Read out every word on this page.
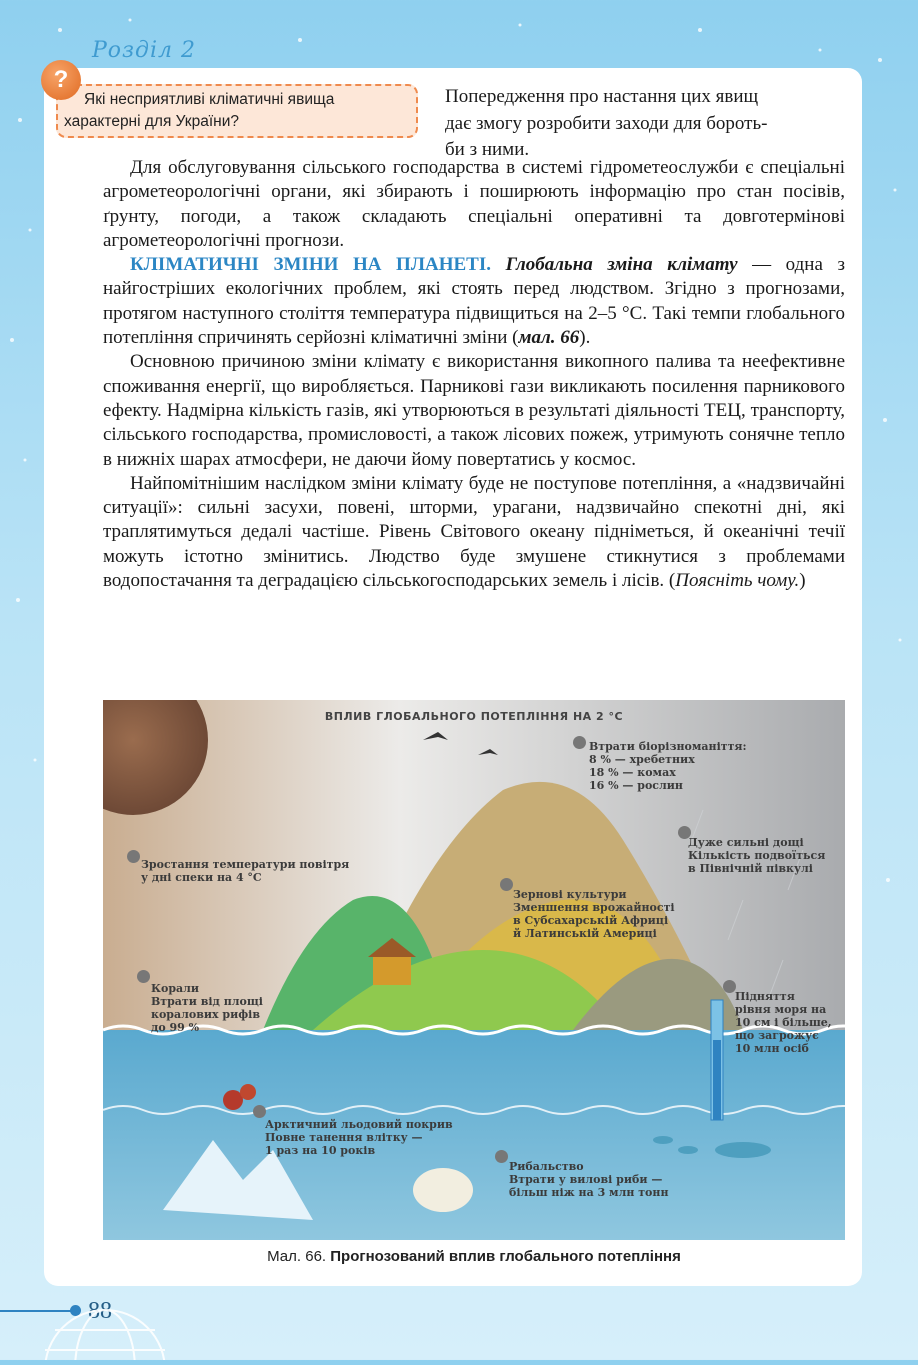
Розділ 2
Які несприятливі кліматичні явища
характерні для України?
?
Попередження про настання цих явищ
дає змогу розробити заходи для бороть-
би з ними.

Для обслуговування сільського господарства в системі гідрометеослужби є спеціальні агрометеорологічні органи, які збирають і поширюють інформацію про стан посівів, ґрунту, погоди, а також складають спеціальні оперативні та довготермінові агрометеорологічні прогнози.

КЛІМАТИЧНІ ЗМІНИ НА ПЛАНЕТІ. Глобальна зміна клімату — одна з найгостріших екологічних проблем, які стоять перед людством. Згідно з прогнозами, протягом наступного століття температура підвищиться на 2–5 °С. Такі темпи глобального потепління спричинять серйозні кліматичні зміни (мал. 66).

Основною причиною зміни клімату є використання викопного палива та неефективне споживання енергії, що виробляється. Парникові гази викликають посилення парникового ефекту. Надмірна кількість газів, які утворюються в результаті діяльності ТЕЦ, транспорту, сільського господарства, промисловості, а також лісових пожеж, утримують сонячне тепло в нижніх шарах атмосфери, не даючи йому повертатись у космос.

Найпомітнішим наслідком зміни клімату буде не поступове потепління, а «надзвичайні ситуації»: сильні засухи, повені, шторми, урагани, надзвичайно спекотні дні, які траплятимуться дедалі частіше. Рівень Світового океану підніметься, й океанічні течії можуть істотно змінитись. Людство буде змушене стикнутися з проблемами водопостачання та деградацією сільськогосподарських земель і лісів. (Поясніть чому.)

ВПЛИВ ГЛОБАЛЬНОГО ПОТЕПЛІННЯ НА 2 °С
Втрати біорізноманіття:
8 % — хребетних
18 % — комах
16 % — рослин
Зростання температури повітря
у дні спеки на 4 °С
Дуже сильні дощі
Кількість подвоїться
в Північній півкулі
Зернові культури
Зменшення врожайності
в Субсахарській Африці
й Латинській Америці
Корали
Втрати від площі
коралових рифів
до 99 %
Підняття
рівня моря на
10 см і більше,
що загрожує
10 млн осіб
Арктичний льодовий покрив
Повне танення влітку —
1 раз на 10 років
Рибальство
Втрати у вилові риби —
більш ніж на 3 млн тонн
Мал. 66. Прогнозований вплив глобального потепління
88
